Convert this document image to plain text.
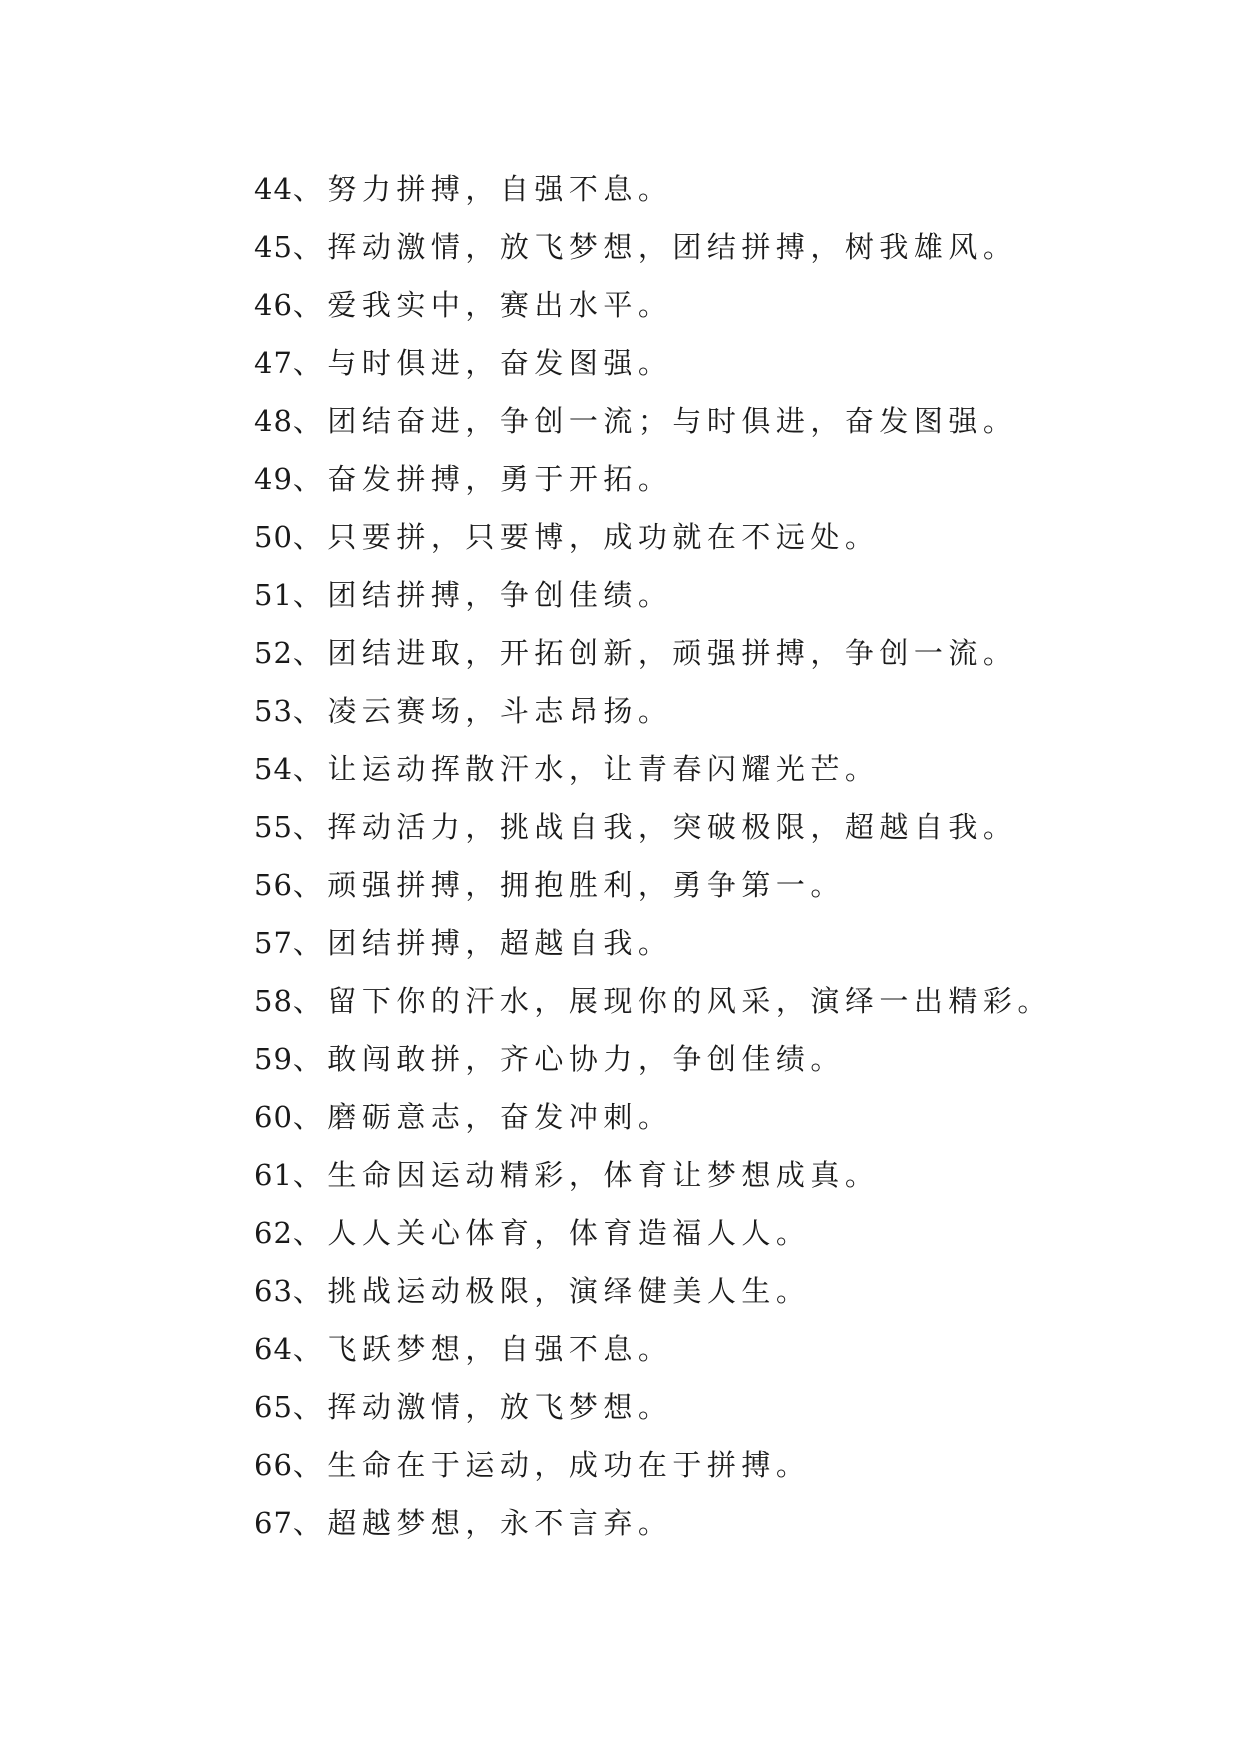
44、努力拼搏，自强不息。
45、挥动激情，放飞梦想，团结拼搏，树我雄风。
46、爱我实中，赛出水平。
47、与时俱进，奋发图强。
48、团结奋进，争创一流；与时俱进，奋发图强。
49、奋发拼搏，勇于开拓。
50、只要拼，只要博，成功就在不远处。
51、团结拼搏，争创佳绩。
52、团结进取，开拓创新，顽强拼搏，争创一流。
53、凌云赛场，斗志昂扬。
54、让运动挥散汗水，让青春闪耀光芒。
55、挥动活力，挑战自我，突破极限，超越自我。
56、顽强拼搏，拥抱胜利，勇争第一。
57、团结拼搏，超越自我。
58、留下你的汗水，展现你的风采，演绎一出精彩。
59、敢闯敢拼，齐心协力，争创佳绩。
60、磨砺意志，奋发冲刺。
61、生命因运动精彩，体育让梦想成真。
62、人人关心体育，体育造福人人。
63、挑战运动极限，演绎健美人生。
64、飞跃梦想，自强不息。
65、挥动激情，放飞梦想。
66、生命在于运动，成功在于拼搏。
67、超越梦想，永不言弃。
